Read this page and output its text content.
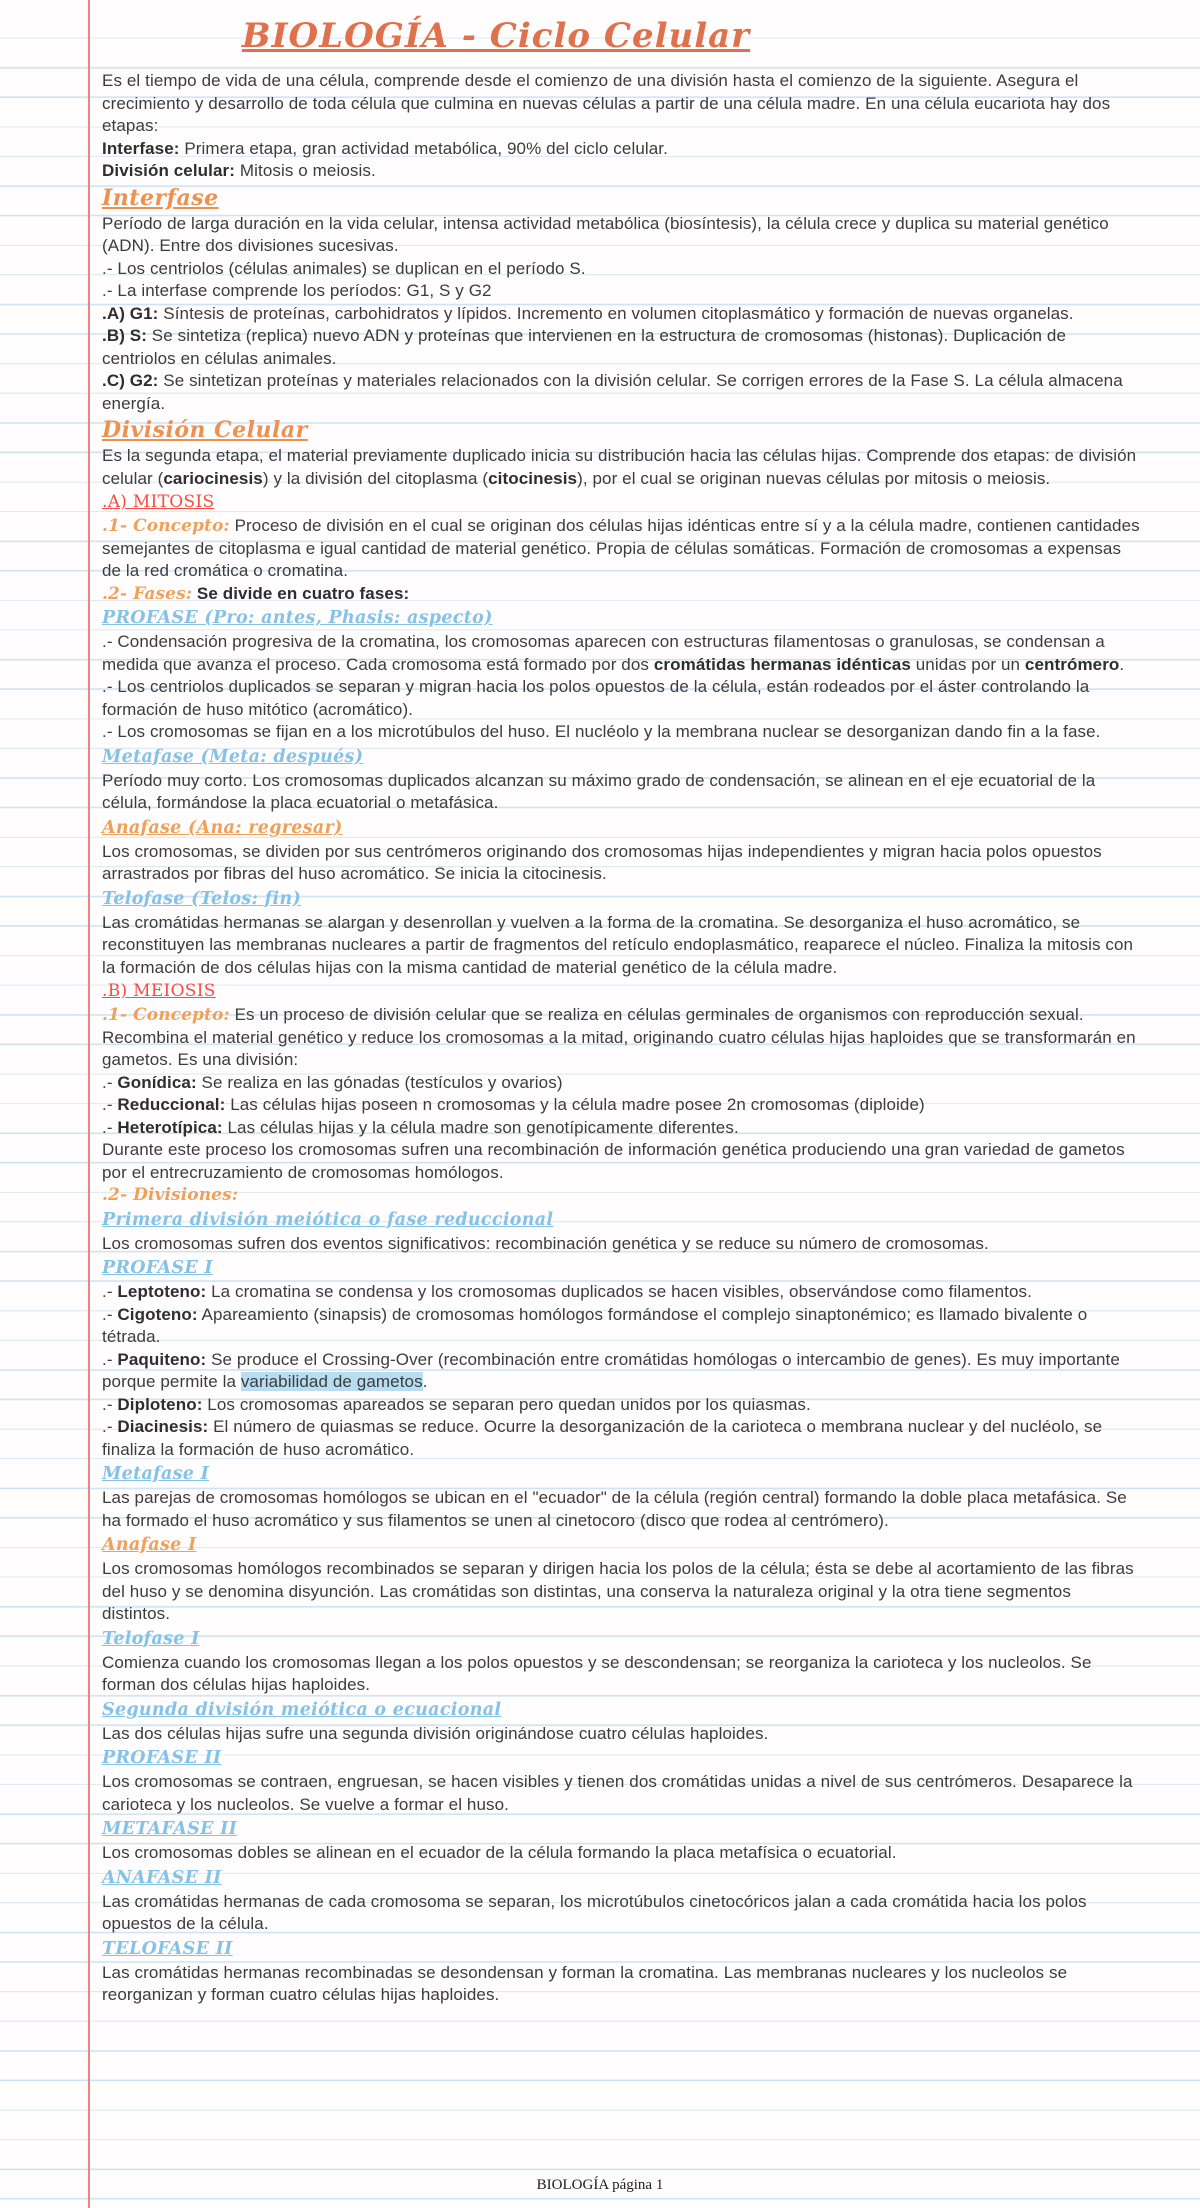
BIOLOGÍA - Ciclo Celular

Es el tiempo de vida de una célula, comprende desde el comienzo de una división hasta el comienzo de la siguiente. Asegura el crecimiento y desarrollo de toda célula que culmina en nuevas células a partir de una célula madre. En una célula eucariota hay dos etapas:

Interfase: Primera etapa, gran actividad metabólica, 90% del ciclo celular.

División celular: Mitosis o meiosis.

Interfase

Período de larga duración en la vida celular, intensa actividad metabólica (biosíntesis), la célula crece y duplica su material genético (ADN). Entre dos divisiones sucesivas.

.- Los centriolos (células animales) se duplican en el período S.

.- La interfase comprende los períodos: G1, S y G2

.A) G1: Síntesis de proteínas, carbohidratos y lípidos. Incremento en volumen citoplasmático y formación de nuevas organelas.

.B) S: Se sintetiza (replica) nuevo ADN y proteínas que intervienen en la estructura de cromosomas (histonas). Duplicación de centriolos en células animales.

.C) G2: Se sintetizan proteínas y materiales relacionados con la división celular. Se corrigen errores de la Fase S. La célula almacena energía.

División Celular

Es la segunda etapa, el material previamente duplicado inicia su distribución hacia las células hijas. Comprende dos etapas: de división celular (cariocinesis) y la división del citoplasma (citocinesis), por el cual se originan nuevas células por mitosis o meiosis.

.A) MITOSIS

.1- Concepto: Proceso de división en el cual se originan dos células hijas idénticas entre sí y a la célula madre, contienen cantidades semejantes de citoplasma e igual cantidad de material genético. Propia de células somáticas. Formación de cromosomas a expensas de la red cromática o cromatina.

.2- Fases: Se divide en cuatro fases:

PROFASE (Pro: antes, Phasis: aspecto)

.- Condensación progresiva de la cromatina, los cromosomas aparecen con estructuras filamentosas o granulosas, se condensan a medida que avanza el proceso. Cada cromosoma está formado por dos cromátidas hermanas idénticas unidas por un centrómero.

.- Los centriolos duplicados se separan y migran hacia los polos opuestos de la célula, están rodeados por el áster controlando la formación de huso mitótico (acromático).

.- Los cromosomas se fijan en a los microtúbulos del huso. El nucléolo y la membrana nuclear se desorganizan dando fin a la fase.

Metafase (Meta: después)

Período muy corto. Los cromosomas duplicados alcanzan su máximo grado de condensación, se alinean en el eje ecuatorial de la célula, formándose la placa ecuatorial o metafásica.

Anafase (Ana: regresar)

Los cromosomas, se dividen por sus centrómeros originando dos cromosomas hijas independientes y migran hacia polos opuestos arrastrados por fibras del huso acromático. Se inicia la citocinesis.

Telofase (Telos: fin)

Las cromátidas hermanas se alargan y desenrollan y vuelven a la forma de la cromatina. Se desorganiza el huso acromático, se reconstituyen las membranas nucleares a partir de fragmentos del retículo endoplasmático, reaparece el núcleo. Finaliza la mitosis con la formación de dos células hijas con la misma cantidad de material genético de la célula madre.

.B) MEIOSIS

.1- Concepto: Es un proceso de división celular que se realiza en células germinales de organismos con reproducción sexual. Recombina el material genético y reduce los cromosomas a la mitad, originando cuatro células hijas haploides que se transformarán en gametos. Es una división:

.- Gonídica: Se realiza en las gónadas (testículos y ovarios)

.- Reduccional: Las células hijas poseen n cromosomas y la célula madre posee 2n cromosomas (diploide)

.- Heterotípica: Las células hijas y la célula madre son genotípicamente diferentes.

Durante este proceso los cromosomas sufren una recombinación de información genética produciendo una gran variedad de gametos por el entrecruzamiento de cromosomas homólogos.

.2- Divisiones:

Primera división meiótica o fase reduccional

Los cromosomas sufren dos eventos significativos: recombinación genética y se reduce su número de cromosomas.

PROFASE I

.- Leptoteno: La cromatina se condensa y los cromosomas duplicados se hacen visibles, observándose como filamentos.

.- Cigoteno: Apareamiento (sinapsis) de cromosomas homólogos formándose el complejo sinaptonémico; es llamado bivalente o tétrada.

.- Paquiteno: Se produce el Crossing-Over (recombinación entre cromátidas homólogas o intercambio de genes). Es muy importante porque permite la variabilidad de gametos.

.- Diploteno: Los cromosomas apareados se separan pero quedan unidos por los quiasmas.

.- Diacinesis: El número de quiasmas se reduce. Ocurre la desorganización de la carioteca o membrana nuclear y del nucléolo, se finaliza la formación de huso acromático.

Metafase I

Las parejas de cromosomas homólogos se ubican en el "ecuador" de la célula (región central) formando la doble placa metafásica. Se ha formado el huso acromático y sus filamentos se unen al cinetocoro (disco que rodea al centrómero).

Anafase I

Los cromosomas homólogos recombinados se separan y dirigen hacia los polos de la célula; ésta se debe al acortamiento de las fibras del huso y se denomina disyunción. Las cromátidas son distintas, una conserva la naturaleza original y la otra tiene segmentos distintos.

Telofase I

Comienza cuando los cromosomas llegan a los polos opuestos y se descondensan; se reorganiza la carioteca y los nucleolos. Se forman dos células hijas haploides.

Segunda división meiótica o ecuacional

Las dos células hijas sufre una segunda división originándose cuatro células haploides.

PROFASE II

Los cromosomas se contraen, engruesan, se hacen visibles y tienen dos cromátidas unidas a nivel de sus centrómeros. Desaparece la carioteca y los nucleolos. Se vuelve a formar el huso.

METAFASE II

Los cromosomas dobles se alinean en el ecuador de la célula formando la placa metafísica o ecuatorial.

ANAFASE II

Las cromátidas hermanas de cada cromosoma se separan, los microtúbulos cinetocóricos jalan a cada cromátida hacia los polos opuestos de la célula.

TELOFASE II

Las cromátidas hermanas recombinadas se desondensan y forman la cromatina. Las membranas nucleares y los nucleolos se reorganizan y forman cuatro células hijas haploides.

BIOLOGÍA página 1
